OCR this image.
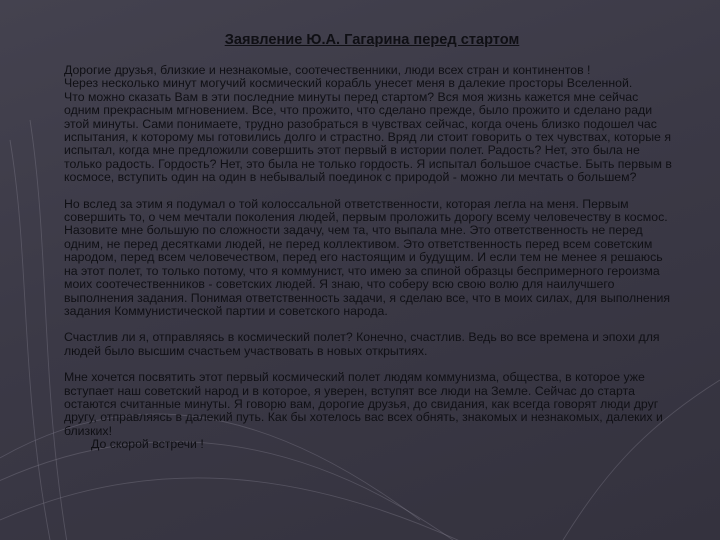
Заявление Ю.А. Гагарина перед стартом

Дорогие друзья, близкие и незнакомые, соотечественники, люди всех стран и континентов !

Через несколько минут могучий космический корабль унесет меня в далекие просторы Вселенной.

Что можно сказать Вам в эти последние минуты перед стартом? Вся моя жизнь кажется мне сейчас одним прекрасным мгновением. Все, что прожито, что сделано прежде, было прожито и сделано ради этой минуты. Сами понимаете, трудно разобраться в чувствах сейчас, когда очень близко подошел час испытания, к которому мы готовились долго и страстно. Вряд ли стоит говорить о тех чувствах, которые я испытал, когда мне предложили совершить этот первый в истории полет. Радость? Нет, это была не только радость. Гордость? Нет, это была не только гордость. Я испытал большое счастье. Быть первым в космосе, вступить один на один в небывалый поединок с природой - можно ли мечтать о большем?

Но вслед за этим я подумал о той колоссальной ответственности, которая легла на меня. Первым совершить то, о чем мечтали поколения людей, первым проложить дорогу всему человечеству в космос. Назовите мне большую по сложности задачу, чем та, что выпала мне. Это ответственность не перед одним, не перед десятками людей, не перед коллективом. Это ответственность перед всем советским народом, перед всем человечеством, перед его настоящим и будущим. И если тем не менее я решаюсь на этот полет, то только потому, что я коммунист, что имею за спиной образцы беспримерного героизма моих соотечественников - советских людей. Я знаю, что соберу всю свою волю для наилучшего выполнения задания. Понимая ответственность задачи, я сделаю все, что в моих силах, для выполнения задания Коммунистической партии и советского народа.

Счастлив ли я, отправляясь в космический полет? Конечно, счастлив. Ведь во все времена и эпохи для людей было высшим счастьем участвовать в новых открытиях.

Мне хочется посвятить этот первый космический полет людям коммунизма, общества, в которое уже вступает наш советский народ и в которое, я уверен, вступят все люди на Земле. Сейчас до старта остаются считанные минуты. Я говорю вам, дорогие друзья, до свидания, как всегда говорят люди друг другу, отправляясь в далекий путь. Как бы хотелось вас всех обнять, знакомых и незнакомых, далеких и близких!

До скорой встречи !
